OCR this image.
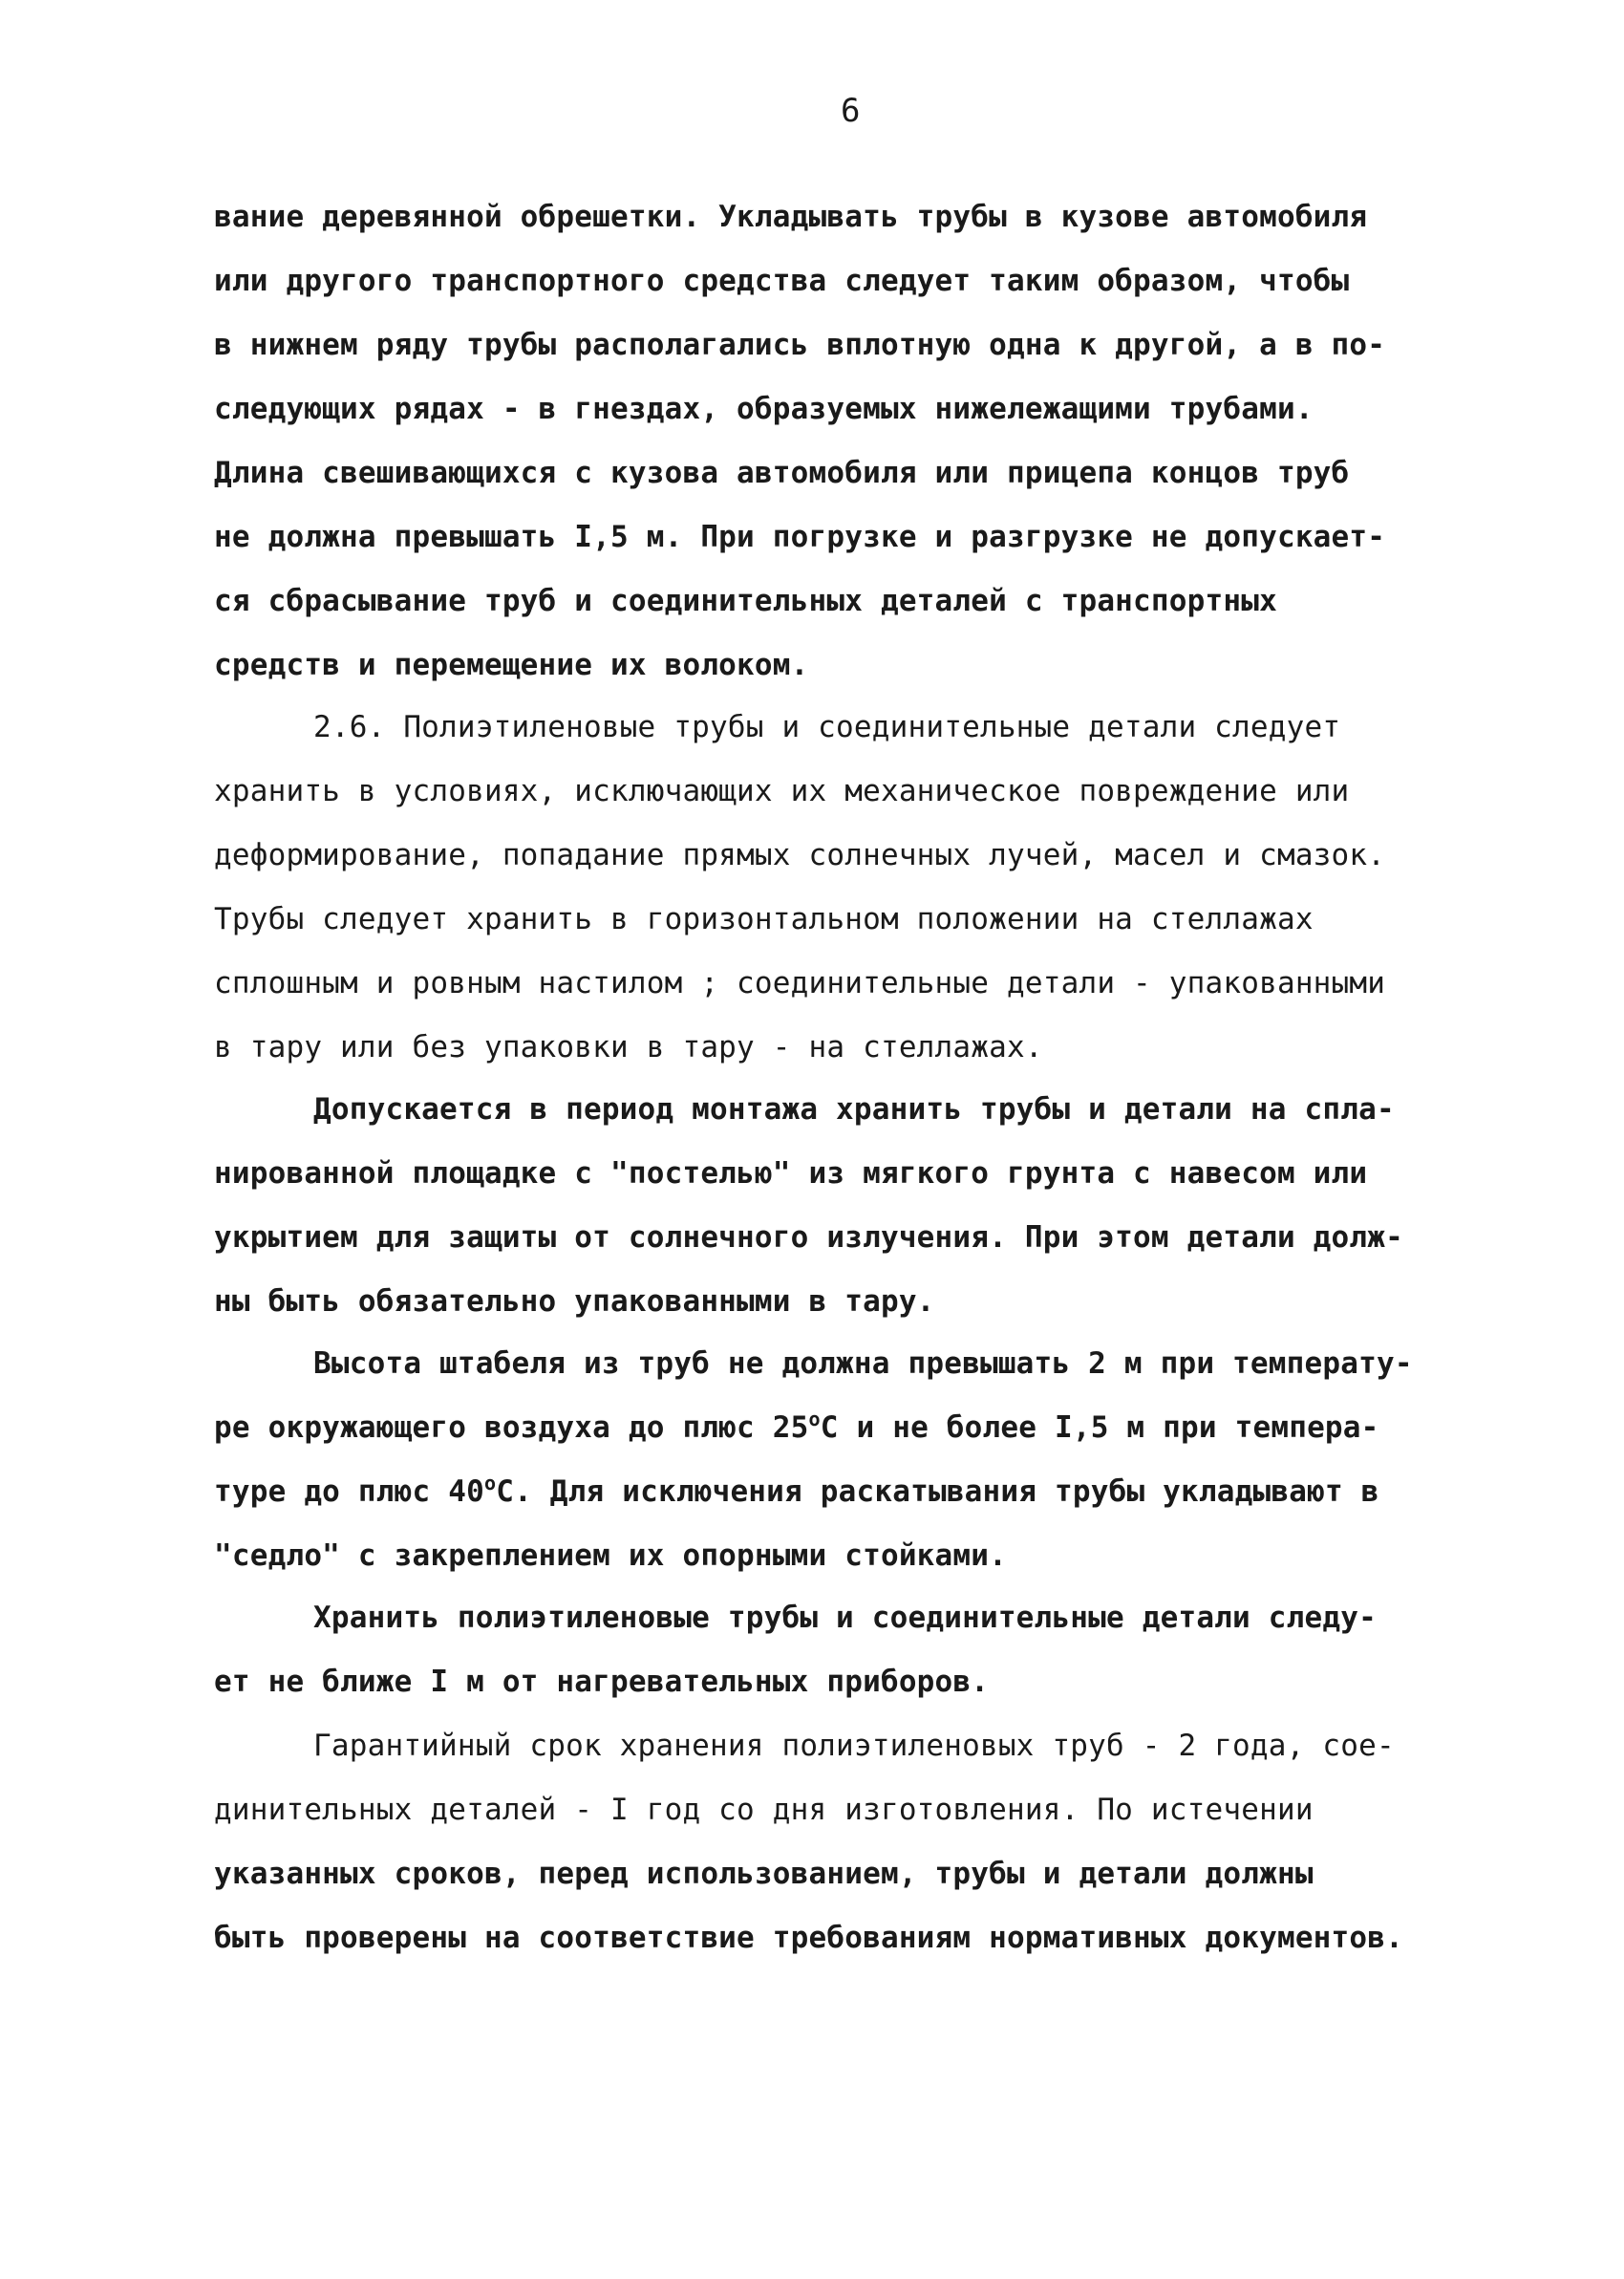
6
вание деревянной обрешетки. Укладывать трубы в кузове автомобиля
или другого транспортного средства следует таким образом, чтобы
в нижнем ряду трубы располагались вплотную одна к другой, а в по-
следующих рядах - в гнездах, образуемых нижележащими трубами.
Длина свешивающихся с кузова автомобиля или прицепа концов труб
не должна превышать I,5 м. При погрузке и разгрузке не допускает-
ся сбрасывание труб и соединительных деталей с транспортных
средств и перемещение их волоком.
2.6. Полиэтиленовые трубы и соединительные детали следует
хранить в условиях, исключающих их механическое повреждение или
деформирование, попадание прямых солнечных лучей, масел и смазок.
Трубы следует хранить в горизонтальном положении на стеллажах
сплошным и ровным настилом ; соединительные детали - упакованными
в тару или без упаковки в тару - на стеллажах.
Допускается в период монтажа хранить трубы и детали на спла-
нированной площадке с "постелью" из мягкого грунта с навесом или
укрытием для защиты от солнечного излучения. При этом детали долж-
ны быть обязательно упакованными в тару.
Высота штабеля из труб не должна превышать 2 м при температу-
ре окружающего воздуха до плюс $25^оС$ и не более I,5 м при темпера-
туре до плюс $40^оС$. Для исключения раскатывания трубы укладывают в
"седло" с закреплением их опорными стойками.
Хранить полиэтиленовые трубы и соединительные детали следу-
ет не ближе I м от нагревательных приборов.
Гарантийный срок хранения полиэтиленовых труб - 2 года, сое-
динительных деталей - I год со дня изготовления. По истечении
указанных сроков, перед использованием, трубы и детали должны
быть проверены на соответствие требованиям нормативных документов.
